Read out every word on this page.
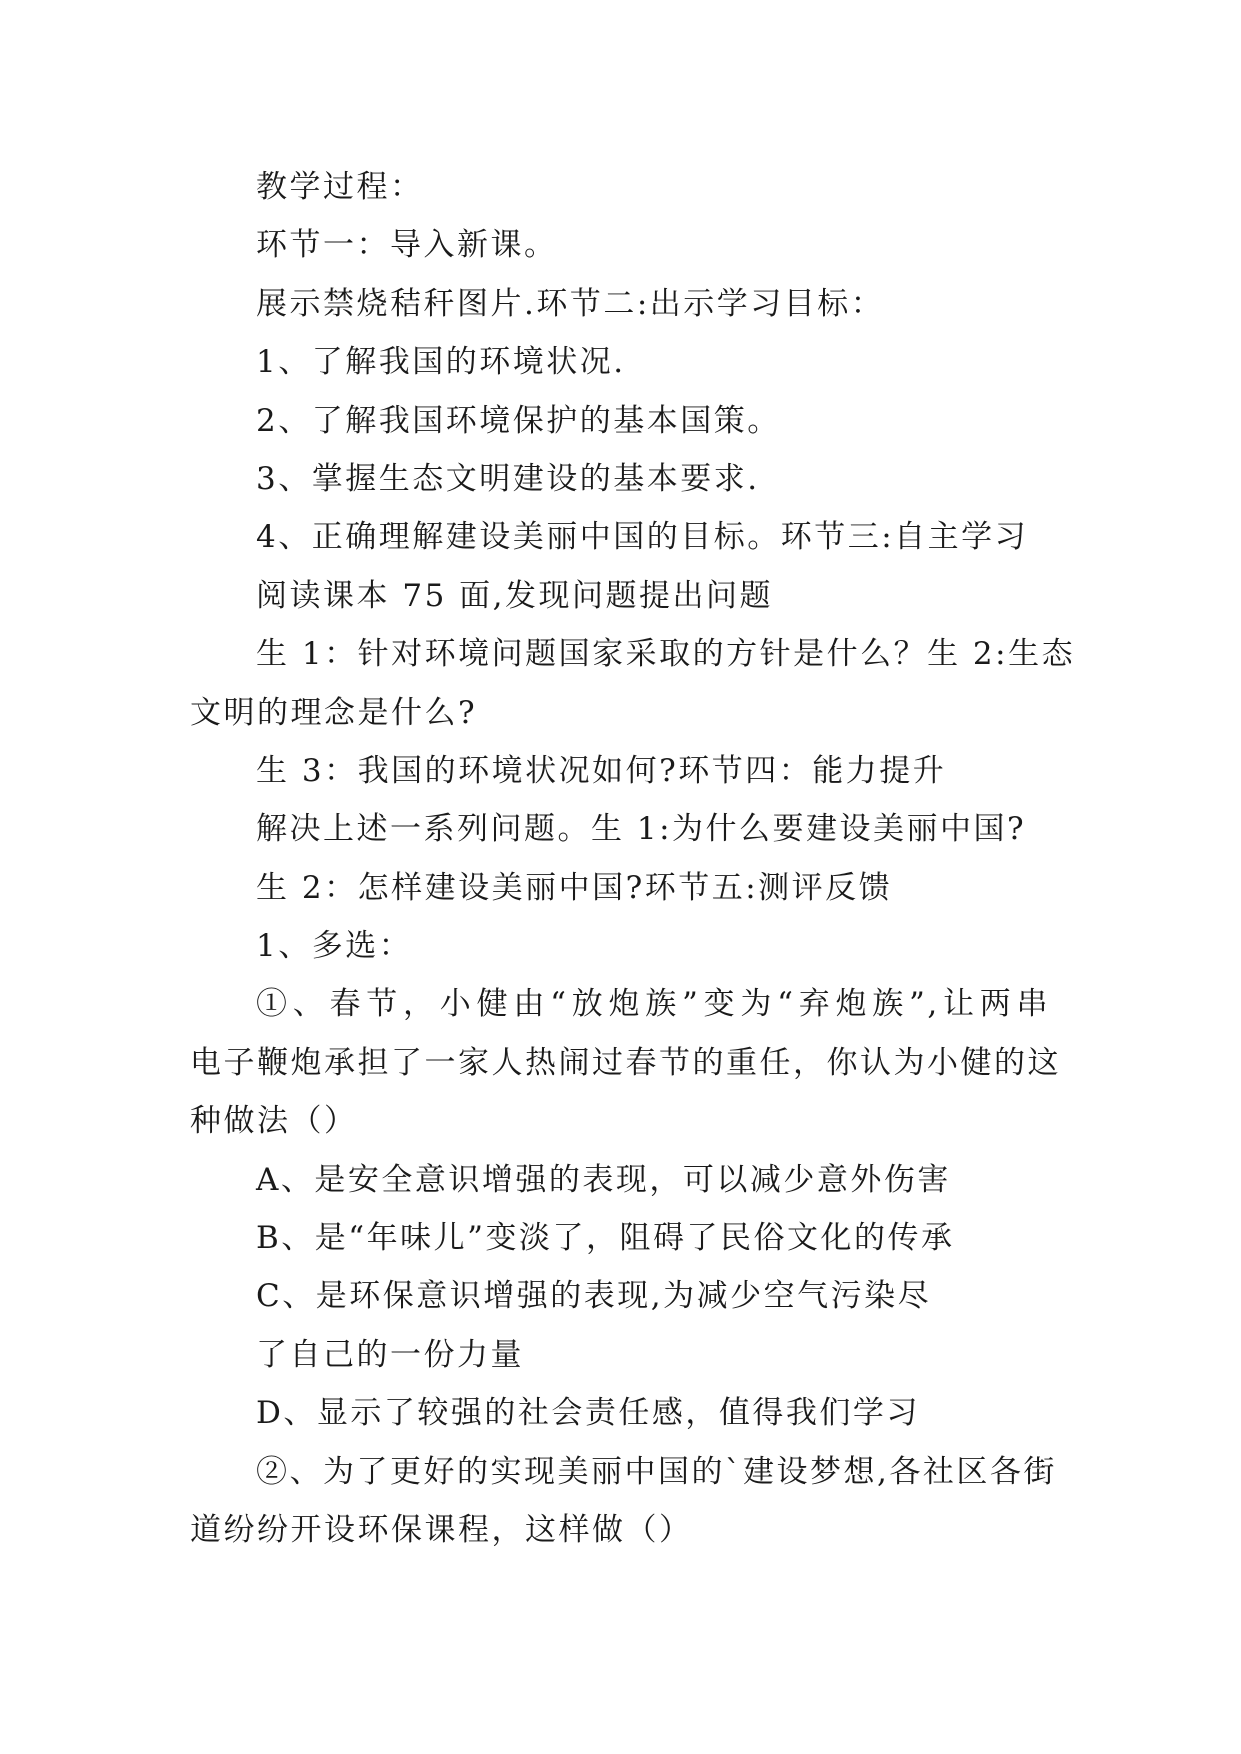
教学过程：
环节一：导入新课。
展示禁烧秸秆图片.环节二:出示学习目标：
1、了解我国的环境状况.
2、了解我国环境保护的基本国策。
3、掌握生态文明建设的基本要求.
4、正确理解建设美丽中国的目标。环节三:自主学习
阅读课本 75 面,发现问题提出问题
生 1：针对环境问题国家采取的方针是什么？生 2:生态
文明的理念是什么?
生 3：我国的环境状况如何?环节四：能力提升
解决上述一系列问题。生 1:为什么要建设美丽中国?
生 2：怎样建设美丽中国?环节五:测评反馈
1、多选：
①、春节，小健由“放炮族”变为“弃炮族”,让两串
电子鞭炮承担了一家人热闹过春节的重任，你认为小健的这
种做法（）
A、是安全意识增强的表现，可以减少意外伤害
B、是“年味儿”变淡了，阻碍了民俗文化的传承
C、是环保意识增强的表现,为减少空气污染尽
了自己的一份力量
D、显示了较强的社会责任感，值得我们学习
②、为了更好的实现美丽中国的`建设梦想,各社区各街
道纷纷开设环保课程，这样做（）
